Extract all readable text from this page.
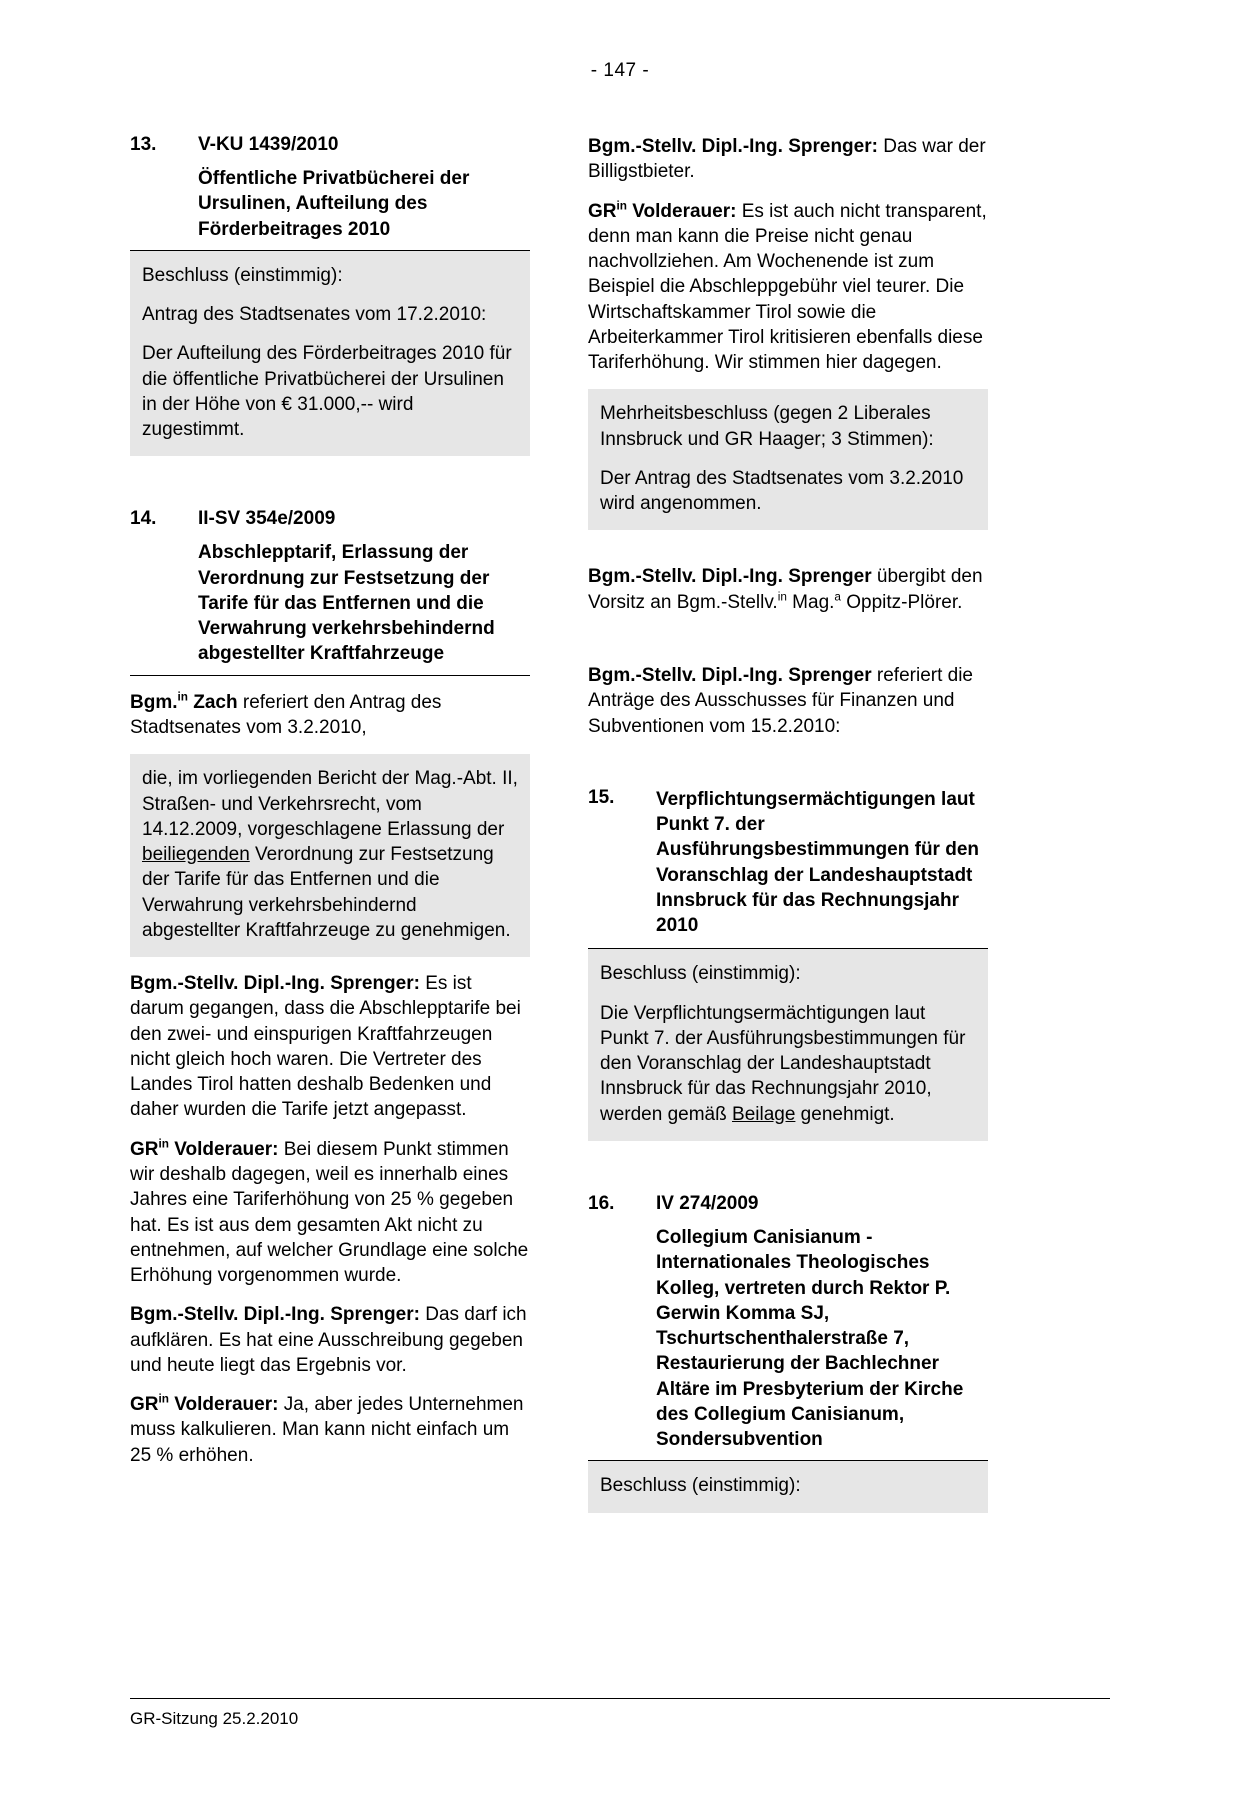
- 147 -
13.	V-KU 1439/2010
Öffentliche Privatbücherei der Ursulinen, Aufteilung des Förderbeitrages 2010

Beschluss (einstimmig):

Antrag des Stadtsenates vom 17.2.2010:

Der Aufteilung des Förderbeitrages 2010 für die öffentliche Privatbücherei der Ursulinen in der Höhe von € 31.000,-- wird zugestimmt.

14.	II-SV 354e/2009
Abschlepptarif, Erlassung der Verordnung zur Festsetzung der Tarife für das Entfernen und die Verwahrung verkehrsbehindernd abgestellter Kraftfahrzeuge

Bgm.$^{in}$ Zach referiert den Antrag des Stadtsenates vom 3.2.2010,

die, im vorliegenden Bericht der Mag.-Abt. II, Straßen- und Verkehrsrecht, vom 14.12.2009, vorgeschlagene Erlassung der beiliegenden Verordnung zur Festsetzung der Tarife für das Entfernen und die Verwahrung verkehrsbehindernd abgestellter Kraftfahrzeuge zu genehmigen.

Bgm.-Stellv. Dipl.-Ing. Sprenger: Es ist darum gegangen, dass die Abschlepptarife bei den zwei- und einspurigen Kraftfahrzeugen nicht gleich hoch waren. Die Vertreter des Landes Tirol hatten deshalb Bedenken und daher wurden die Tarife jetzt angepasst.

$GR^{in}$ Volderauer: Bei diesem Punkt stimmen wir deshalb dagegen, weil es innerhalb eines Jahres eine Tariferhöhung von 25 % gegeben hat. Es ist aus dem gesamten Akt nicht zu entnehmen, auf welcher Grundlage eine solche Erhöhung vorgenommen wurde.

Bgm.-Stellv. Dipl.-Ing. Sprenger: Das darf ich aufklären. Es hat eine Ausschreibung gegeben und heute liegt das Ergebnis vor.

$GR^{in}$ Volderauer: Ja, aber jedes Unternehmen muss kalkulieren. Man kann nicht einfach um 25 % erhöhen.

Bgm.-Stellv. Dipl.-Ing. Sprenger: Das war der Billigstbieter.

$GR^{in}$ Volderauer: Es ist auch nicht transparent, denn man kann die Preise nicht genau nachvollziehen. Am Wochenende ist zum Beispiel die Abschleppgebühr viel teurer. Die Wirtschaftskammer Tirol sowie die Arbeiterkammer Tirol kritisieren ebenfalls diese Tariferhöhung. Wir stimmen hier dagegen.

Mehrheitsbeschluss (gegen 2 Liberales Innsbruck und GR Haager; 3 Stimmen):

Der Antrag des Stadtsenates vom 3.2.2010 wird angenommen.

Bgm.-Stellv. Dipl.-Ing. Sprenger übergibt den Vorsitz an Bgm.-Stellv.$^{in}$ Mag.$^a$ Oppitz-Plörer.

Bgm.-Stellv. Dipl.-Ing. Sprenger referiert die Anträge des Ausschusses für Finanzen und Subventionen vom 15.2.2010:

15.	Verpflichtungsermächtigungen laut Punkt 7. der Ausführungsbestimmungen für den Voranschlag der Landeshauptstadt Innsbruck für das Rechnungsjahr 2010

Beschluss (einstimmig):

Die Verpflichtungsermächtigungen laut Punkt 7. der Ausführungsbestimmungen für den Voranschlag der Landeshauptstadt Innsbruck für das Rechnungsjahr 2010, werden gemäß Beilage genehmigt.

16.	IV 274/2009
Collegium Canisianum - Internationales Theologisches Kolleg, vertreten durch Rektor P. Gerwin Komma SJ, Tschurtschenthalerstraße 7, Restaurierung der Bachlechner Altäre im Presbyterium der Kirche des Collegium Canisianum, Sondersubvention

Beschluss (einstimmig):

GR-Sitzung 25.2.2010
